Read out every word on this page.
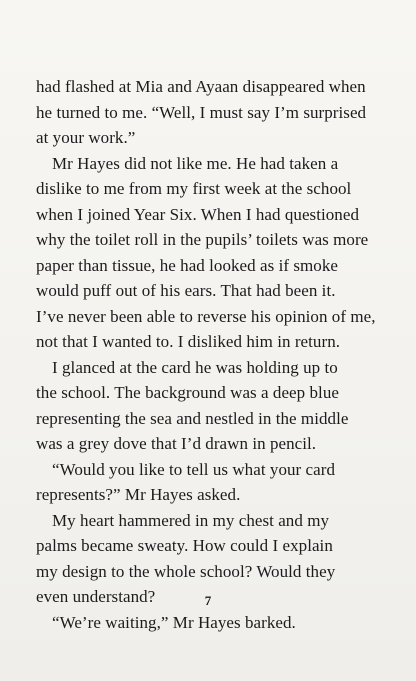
had flashed at Mia and Ayaan disappeared when
he turned to me. “Well, I must say I’m surprised
at your work.”
Mr Hayes did not like me. He had taken a
dislike to me from my first week at the school
when I joined Year Six. When I had questioned
why the toilet roll in the pupils’ toilets was more
paper than tissue, he had looked as if smoke
would puff out of his ears. That had been it.
I’ve never been able to reverse his opinion of me,
not that I wanted to. I disliked him in return.
I glanced at the card he was holding up to
the school. The background was a deep blue
representing the sea and nestled in the middle
was a grey dove that I’d drawn in pencil.
“Would you like to tell us what your card
represents?” Mr Hayes asked.
My heart hammered in my chest and my
palms became sweaty. How could I explain
my design to the whole school? Would they
even understand?
“We’re waiting,” Mr Hayes barked.
7
